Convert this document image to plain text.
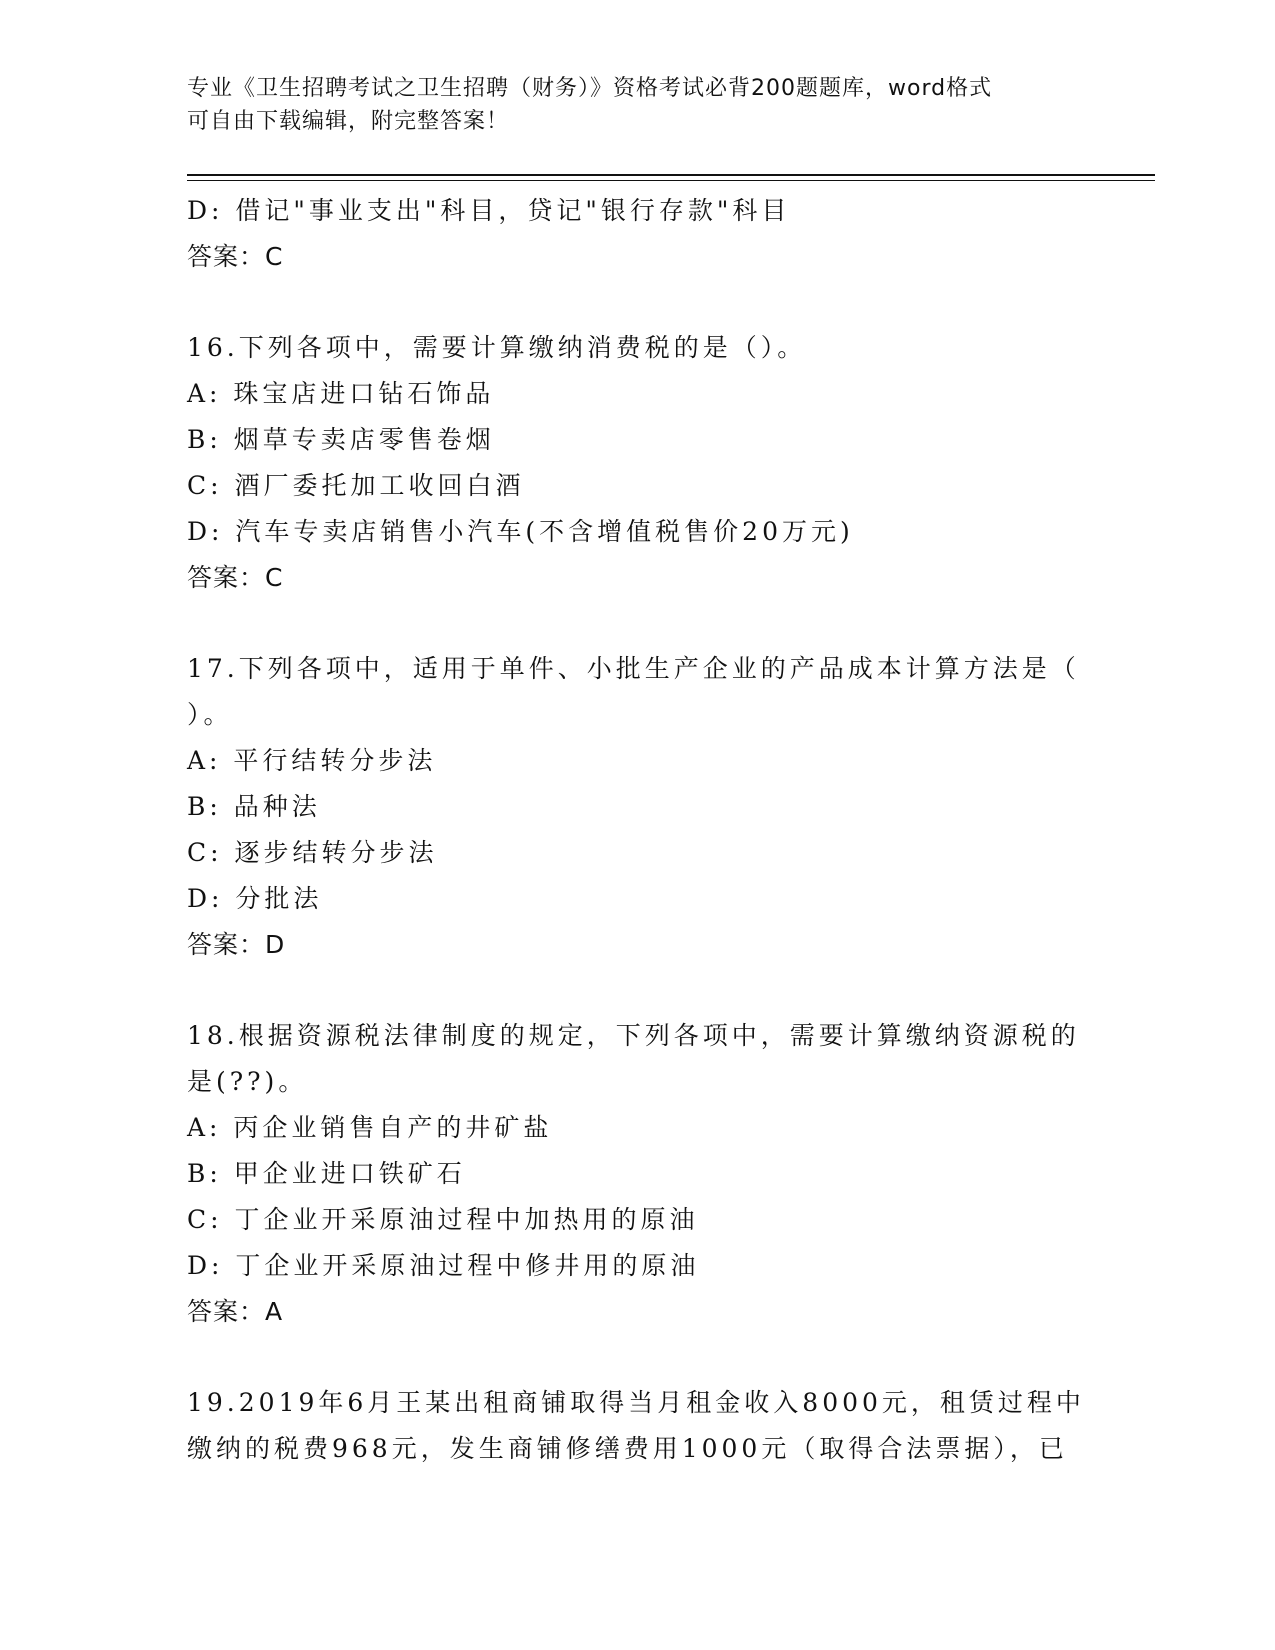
专业《卫生招聘考试之卫生招聘（财务）》资格考试必背200题题库，word格式
可自由下载编辑，附完整答案！
D: 借记"事业支出"科目，贷记"银行存款"科目
答案：C
16.下列各项中，需要计算缴纳消费税的是（）。
A: 珠宝店进口钻石饰品
B: 烟草专卖店零售卷烟
C: 酒厂委托加工收回白酒
D: 汽车专卖店销售小汽车(不含增值税售价20万元)
答案：C
17.下列各项中，适用于单件、小批生产企业的产品成本计算方法是（
）。
A: 平行结转分步法
B: 品种法
C: 逐步结转分步法
D: 分批法
答案：D
18.根据资源税法律制度的规定，下列各项中，需要计算缴纳资源税的
是(??)。
A: 丙企业销售自产的井矿盐
B: 甲企业进口铁矿石
C: 丁企业开采原油过程中加热用的原油
D: 丁企业开采原油过程中修井用的原油
答案：A
19.2019年6月王某出租商铺取得当月租金收入8000元，租赁过程中
缴纳的税费968元，发生商铺修缮费用1000元（取得合法票据），已
